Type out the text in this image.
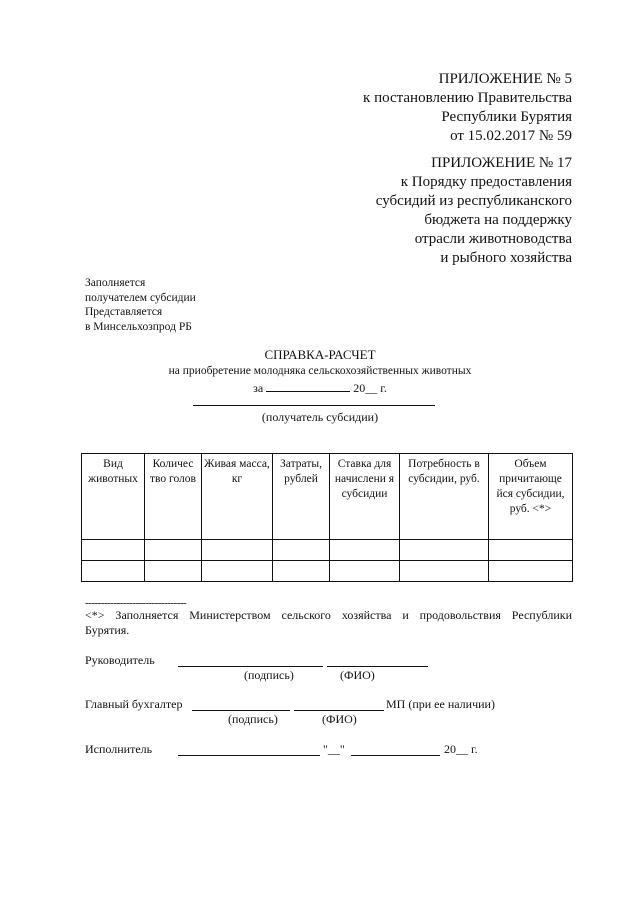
ПРИЛОЖЕНИЕ № 5
к постановлению Правительства
Республики Бурятия
от 15.02.2017 № 59
ПРИЛОЖЕНИЕ № 17
к Порядку предоставления
субсидий из республиканского
бюджета на поддержку
отрасли животноводства
и рыбного хозяйства
Заполняется
получателем субсидии
Представляется
в Минсельхозпрод РБ
СПРАВКА-РАСЧЕТ
на приобретение молодняка сельскохозяйственных животных
за	20__ г.
(получатель субсидии)
Вид животных	Количес тво голов	Живая масса, кг	Затраты, рублей	Ставка для начислени я субсидии	Потребность в субсидии, руб.	Объем причитающе йся субсидии, руб. <*>

--------------------------------
<*> Заполняется Министерством сельского хозяйства и продовольствия Республики Бурятия.
Руководитель
(подпись)	(ФИО)
Главный бухгалтер	МП (при ее наличии)
(подпись)	(ФИО)
Исполнитель	"__"	20__ г.
